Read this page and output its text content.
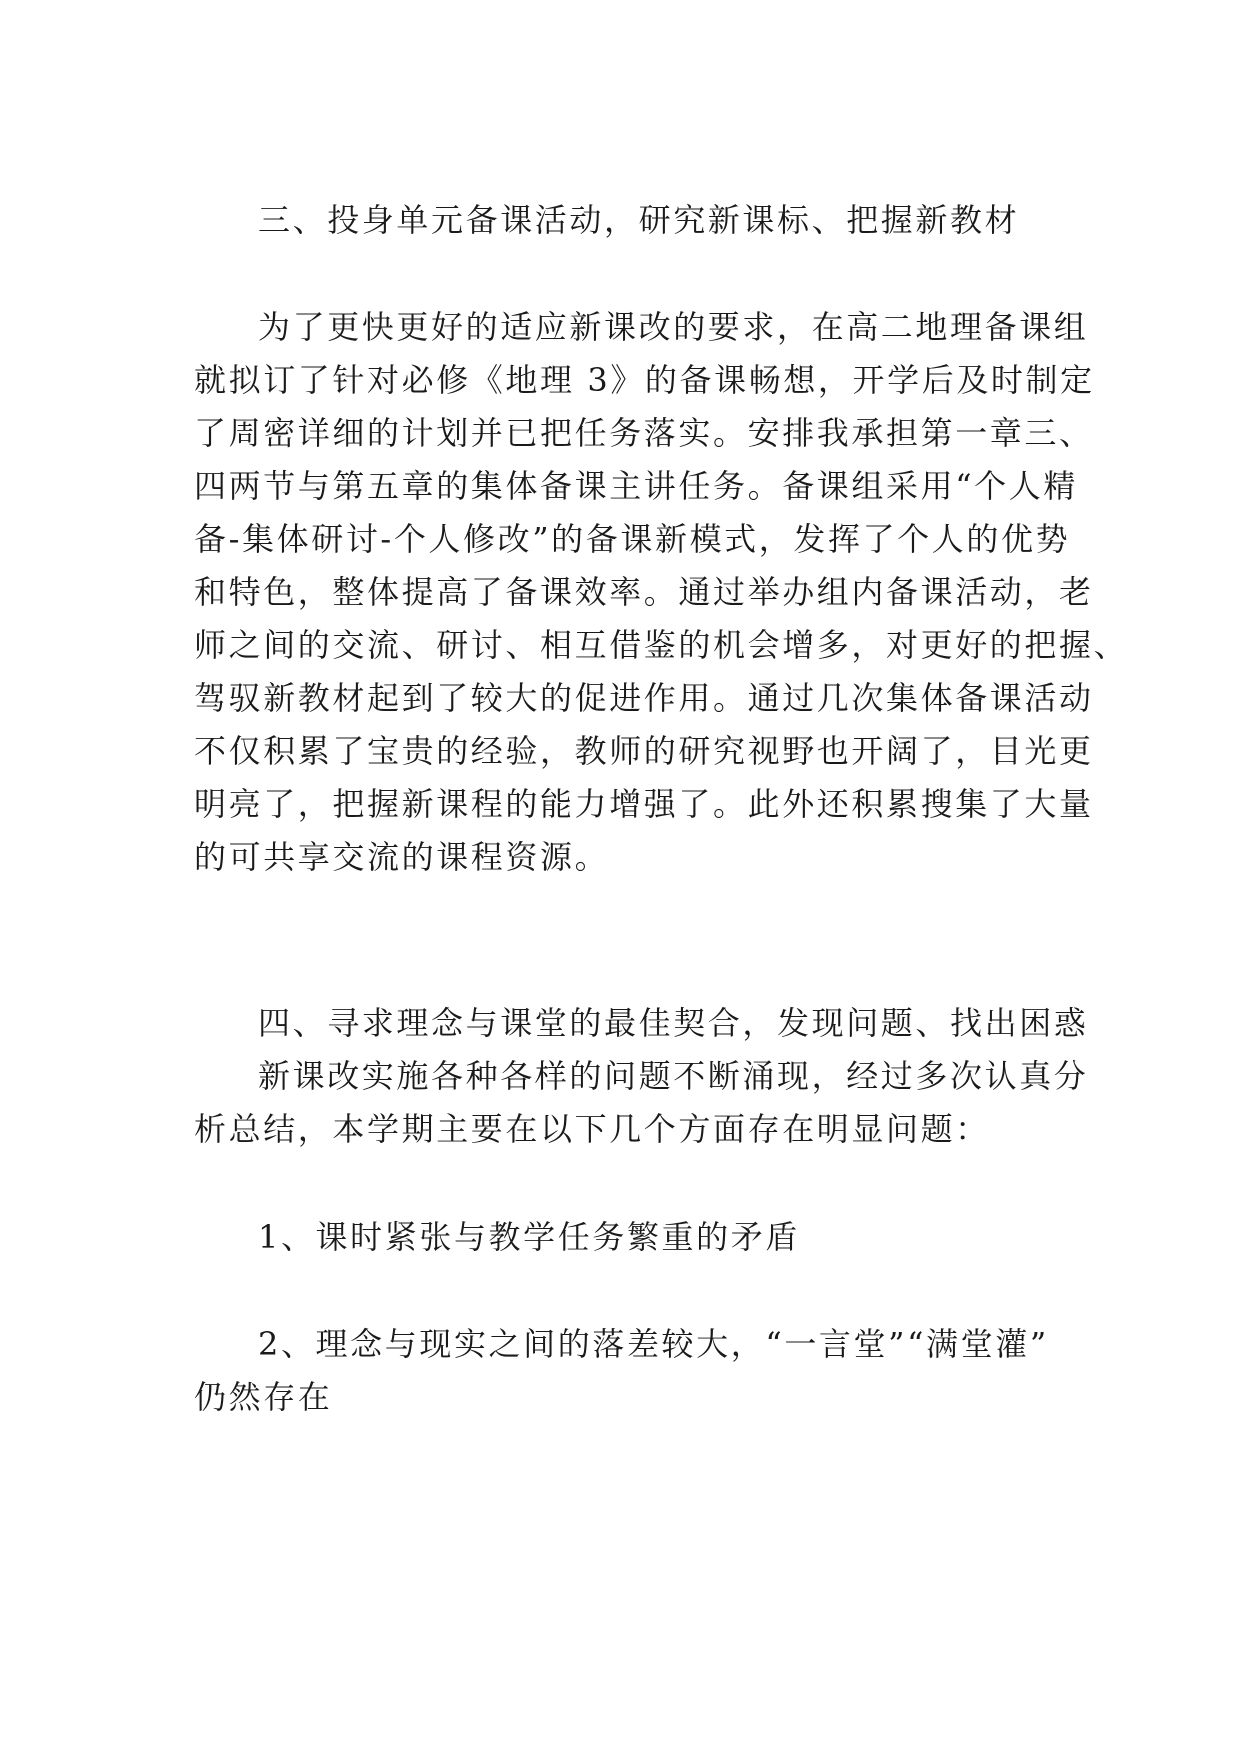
三、投身单元备课活动，研究新课标、把握新教材
为了更快更好的适应新课改的要求，在高二地理备课组
就拟订了针对必修《地理 3》的备课畅想，开学后及时制定
了周密详细的计划并已把任务落实。安排我承担第一章三、
四两节与第五章的集体备课主讲任务。备课组采用“个人精
备-集体研讨-个人修改”的备课新模式，发挥了个人的优势
和特色，整体提高了备课效率。通过举办组内备课活动，老
师之间的交流、研讨、相互借鉴的机会增多，对更好的把握、
驾驭新教材起到了较大的促进作用。通过几次集体备课活动
不仅积累了宝贵的经验，教师的研究视野也开阔了，目光更
明亮了，把握新课程的能力增强了。此外还积累搜集了大量
的可共享交流的课程资源。
四、寻求理念与课堂的最佳契合，发现问题、找出困惑
新课改实施各种各样的问题不断涌现，经过多次认真分
析总结，本学期主要在以下几个方面存在明显问题：
1、课时紧张与教学任务繁重的矛盾
2、理念与现实之间的落差较大，“一言堂”“满堂灌”
仍然存在
